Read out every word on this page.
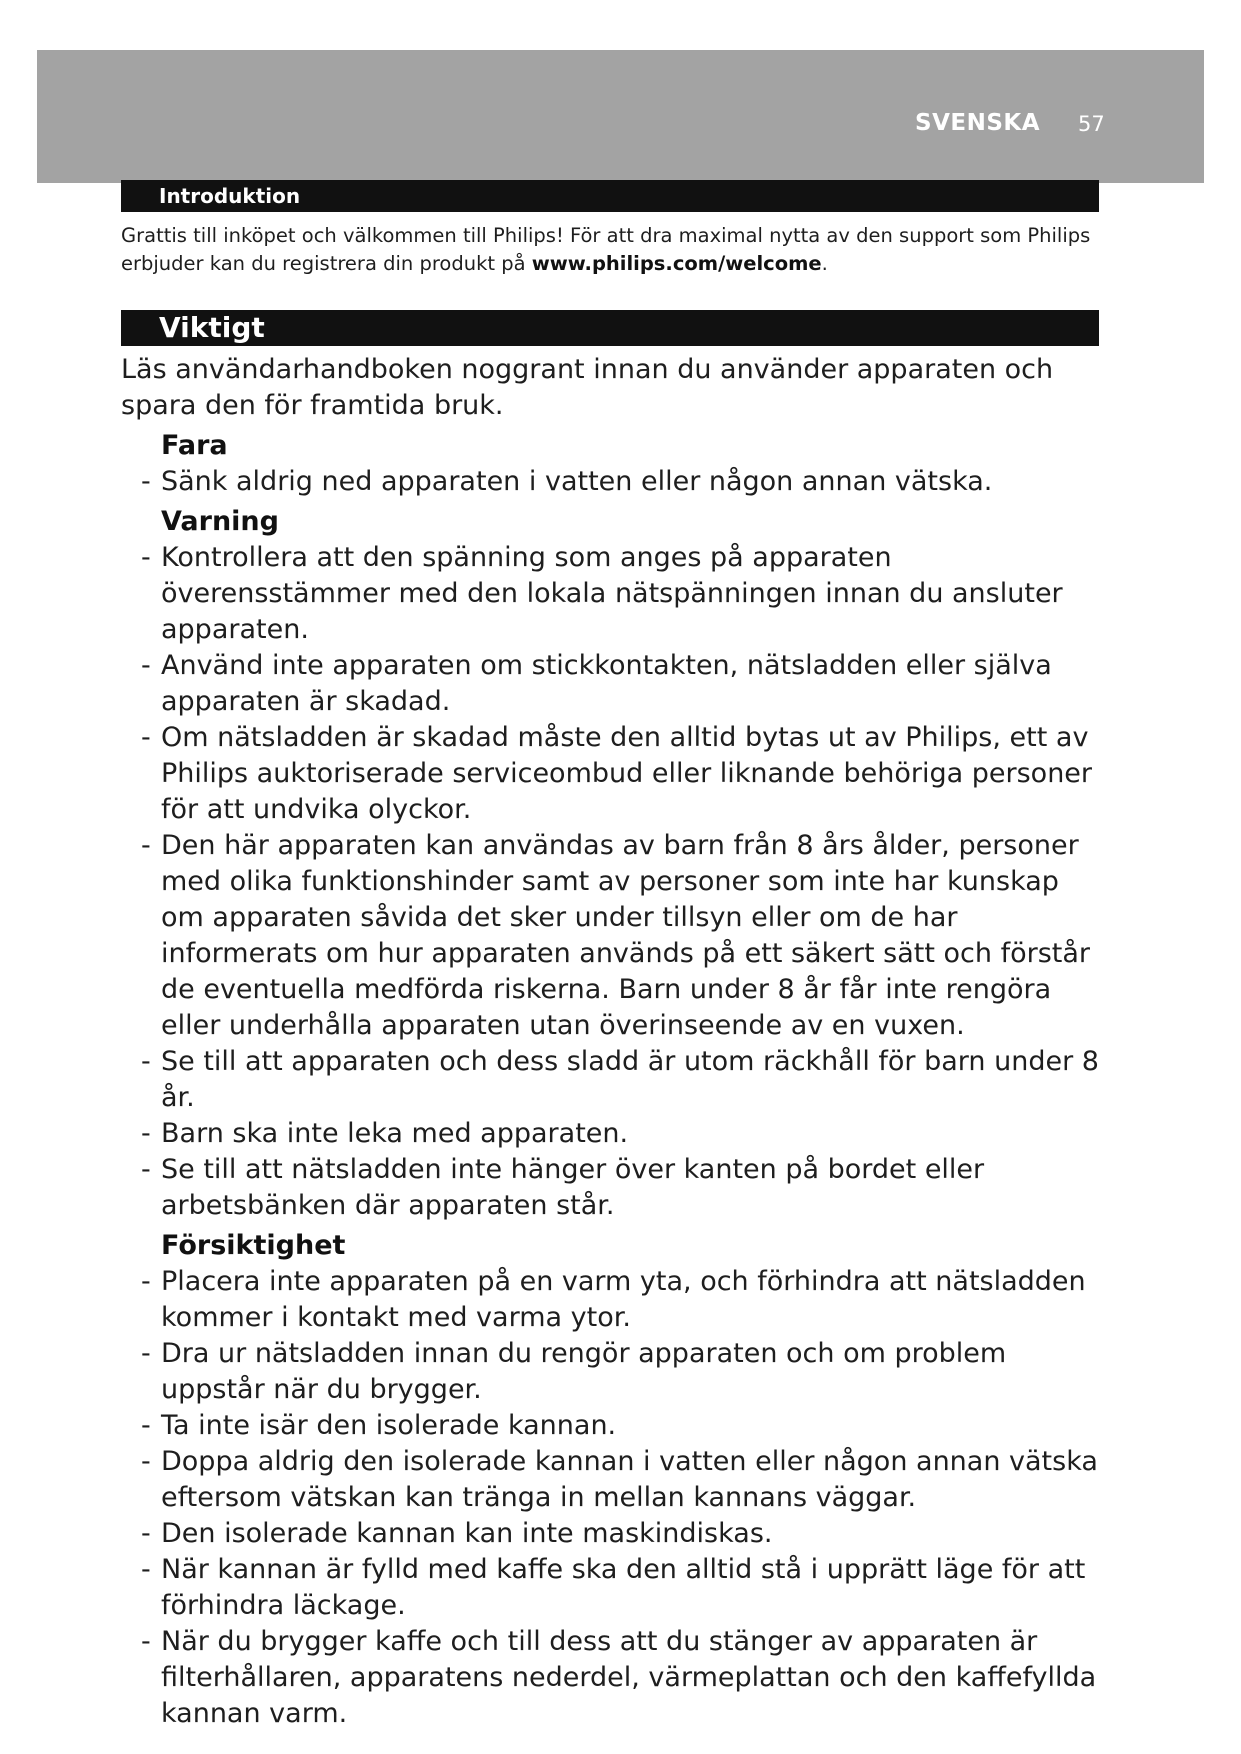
SVENSKA 57
Introduktion

Grattis till inköpet och välkommen till Philips! För att dra maximal nytta av den support som Philips erbjuder kan du registrera din produkt på www.philips.com/welcome.

Viktigt

Läs användarhandboken noggrant innan du använder apparaten och spara den för framtida bruk.

Fara
- Sänk aldrig ned apparaten i vatten eller någon annan vätska.
Varning
- Kontrollera att den spänning som anges på apparaten överensstämmer med den lokala nätspänningen innan du ansluter apparaten.
- Använd inte apparaten om stickkontakten, nätsladden eller själva apparaten är skadad.
- Om nätsladden är skadad måste den alltid bytas ut av Philips, ett av Philips auktoriserade serviceombud eller liknande behöriga personer för att undvika olyckor.
- Den här apparaten kan användas av barn från 8 års ålder, personer med olika funktionshinder samt av personer som inte har kunskap om apparaten såvida det sker under tillsyn eller om de har informerats om hur apparaten används på ett säkert sätt och förstår de eventuella medförda riskerna. Barn under 8 år får inte rengöra eller underhålla apparaten utan överinseende av en vuxen.
- Se till att apparaten och dess sladd är utom räckhåll för barn under 8 år.
- Barn ska inte leka med apparaten.
- Se till att nätsladden inte hänger över kanten på bordet eller arbetsbänken där apparaten står.
Försiktighet
- Placera inte apparaten på en varm yta, och förhindra att nätsladden kommer i kontakt med varma ytor.
- Dra ur nätsladden innan du rengör apparaten och om problem uppstår när du brygger.
- Ta inte isär den isolerade kannan.
- Doppa aldrig den isolerade kannan i vatten eller någon annan vätska eftersom vätskan kan tränga in mellan kannans väggar.
- Den isolerade kannan kan inte maskindiskas.
- När kannan är fylld med kaffe ska den alltid stå i upprätt läge för att förhindra läckage.
- När du brygger kaffe och till dess att du stänger av apparaten är filterhållaren, apparatens nederdel, värmeplattan och den kaffefyllda kannan varm.
